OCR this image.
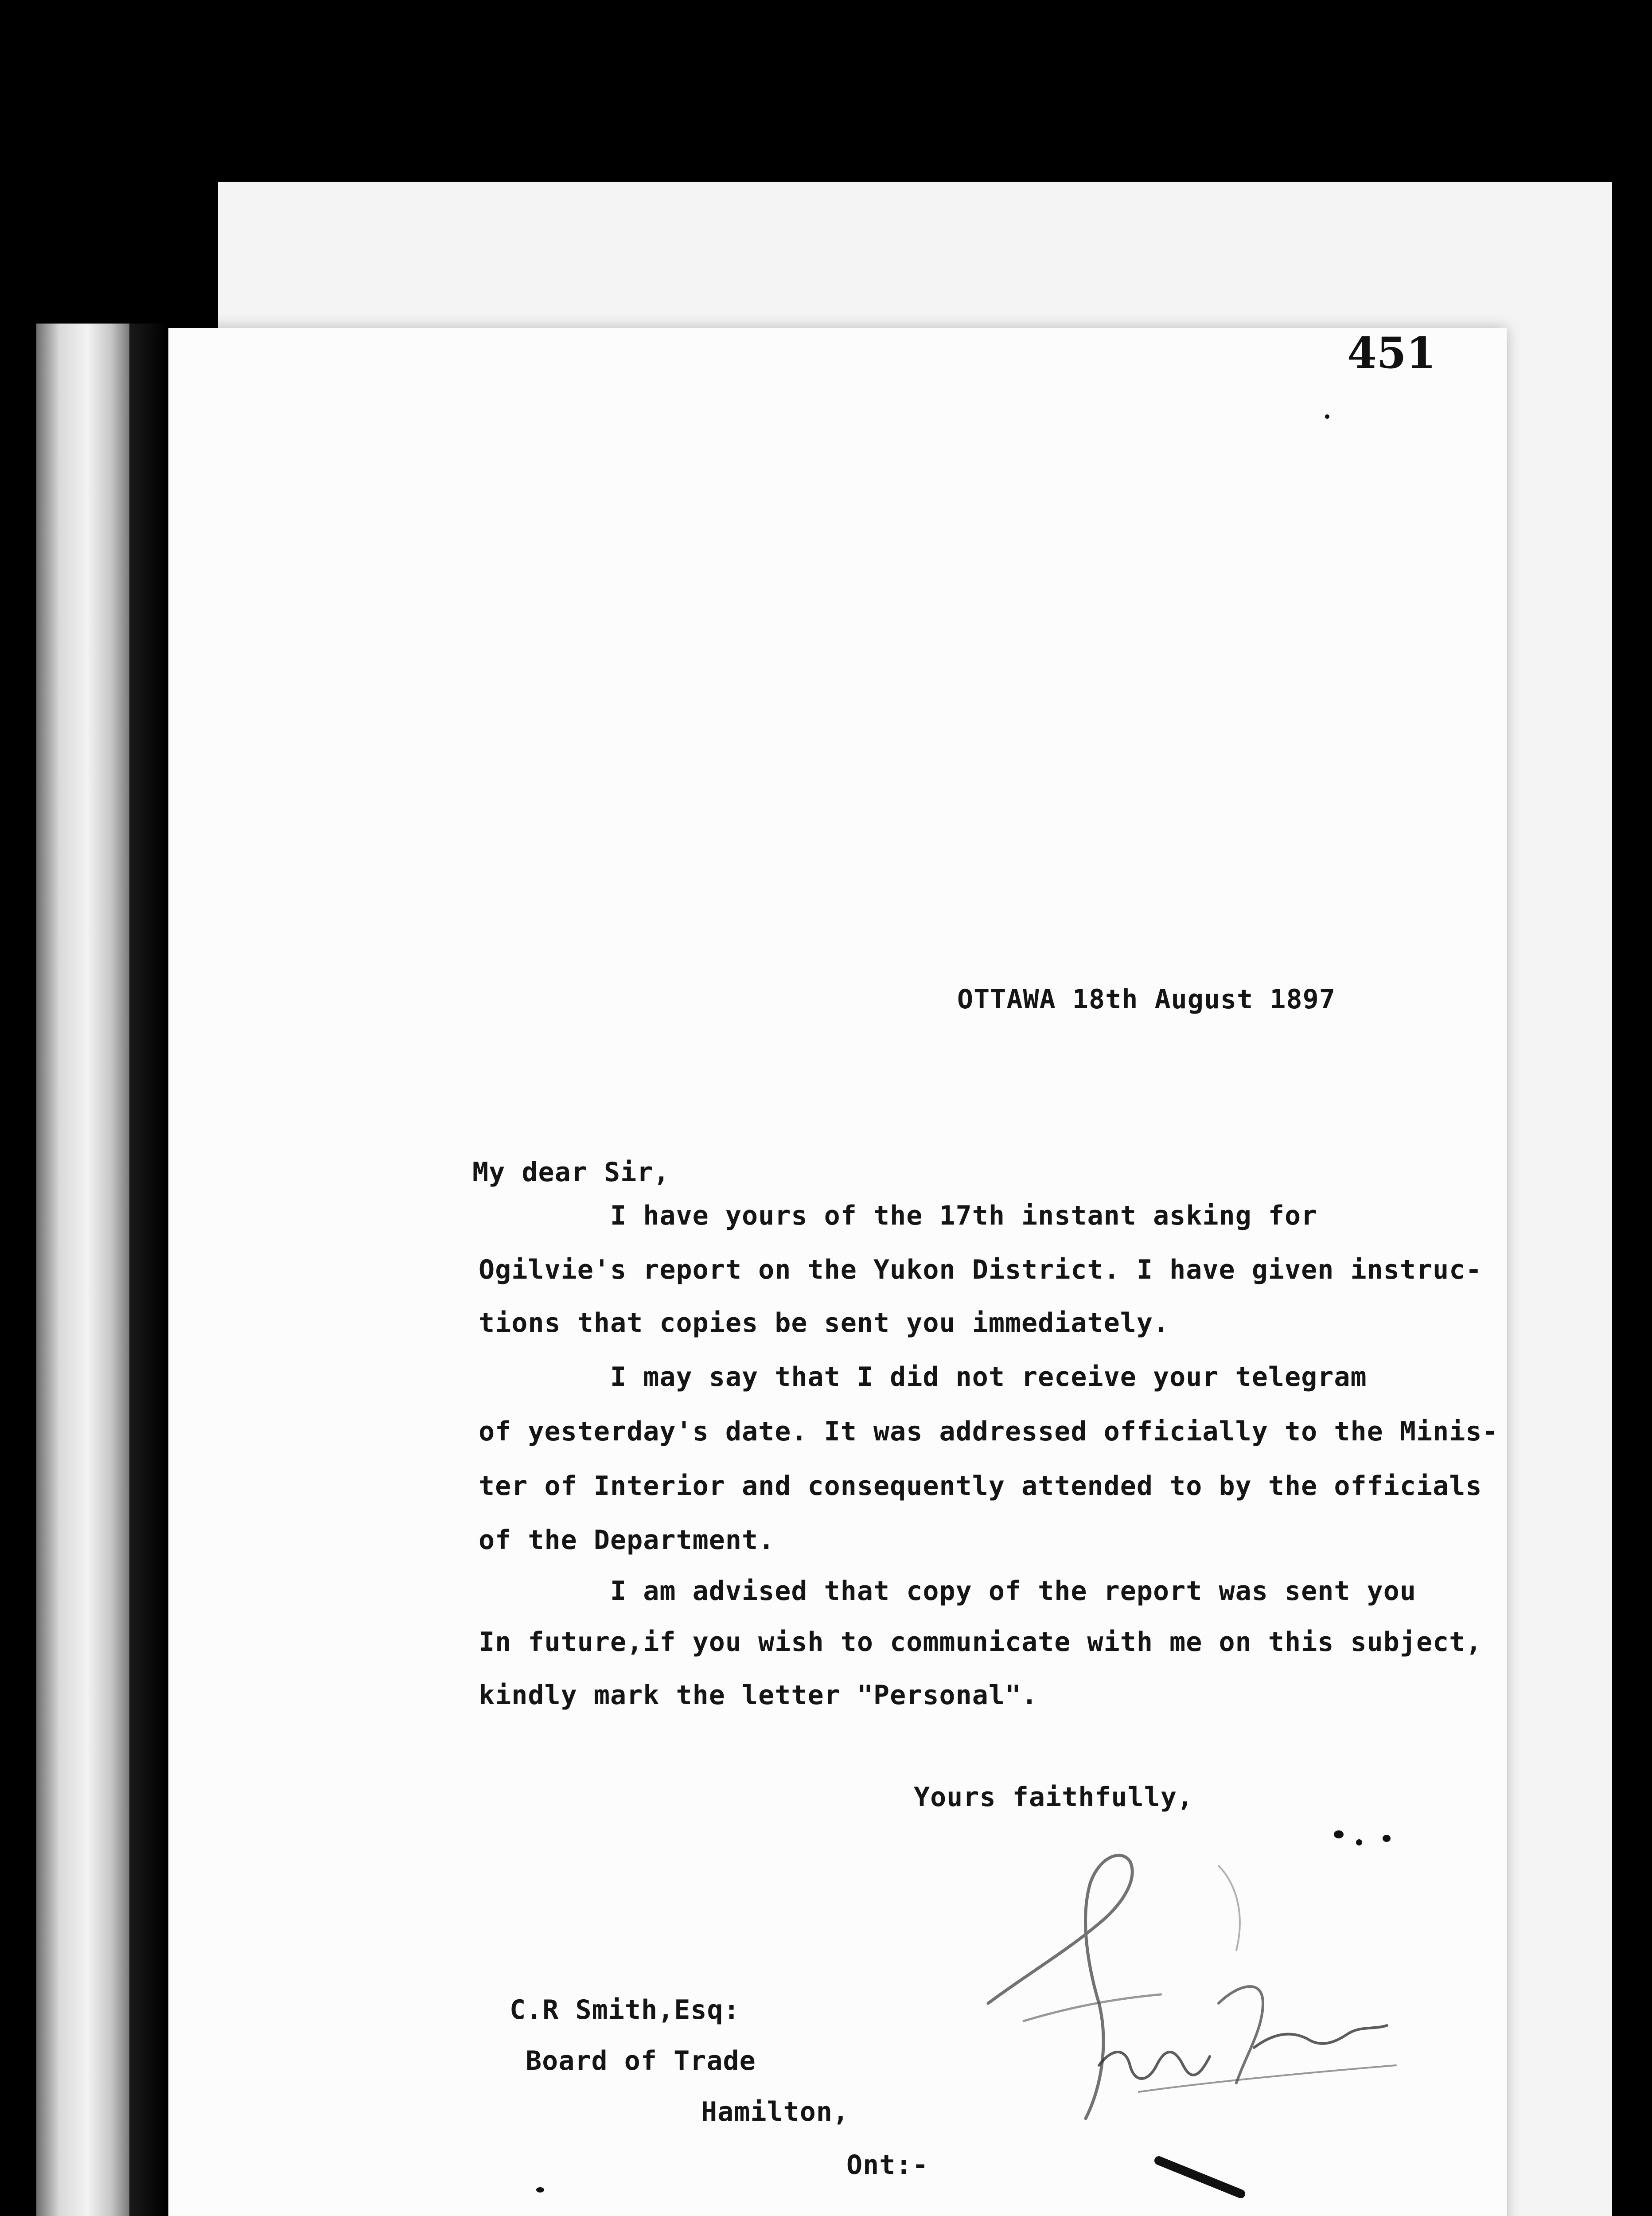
451
OTTAWA 18th August 1897
My dear Sir,
I have yours of the 17th instant asking for
Ogilvie's report on the Yukon District. I have given instruc-
tions that copies be sent you immediately.
I may say that I did not receive your telegram
of yesterday's date. It was addressed officially to the Minis-
ter of Interior and consequently attended to by the officials
of the Department.
I am advised that copy of the report was sent you
In future,if you wish to communicate with me on this subject,
kindly mark the letter "Personal".
Yours faithfully,
C.R Smith,Esq:
Board of Trade
Hamilton,
Ont:-
